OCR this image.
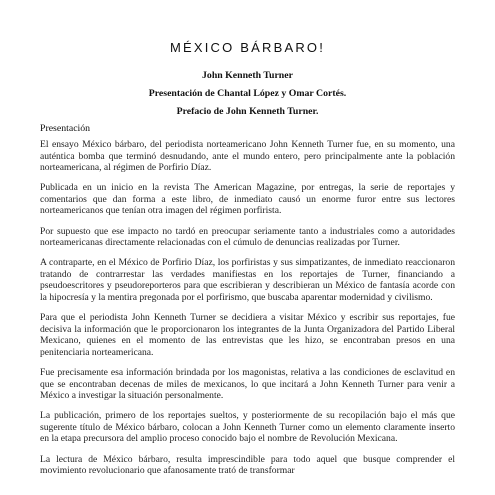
MÉXICO BÁRBARO!
John Kenneth Turner
Presentación de Chantal López y Omar Cortés.
Prefacio de John Kenneth Turner.
Presentación

El ensayo México bárbaro, del periodista norteamericano John Kenneth Turner fue, en su momento, una auténtica bomba que terminó desnudando, ante el mundo entero, pero principalmente ante la población norteamericana, al régimen de Porfirio Díaz.

Publicada en un inicio en la revista The American Magazine, por entregas, la serie de reportajes y comentarios que dan forma a este libro, de inmediato causó un enorme furor entre sus lectores norteamericanos que tenían otra imagen del régimen porfirista.

Por supuesto que ese impacto no tardó en preocupar seriamente tanto a industriales como a autoridades norteamericanas directamente relacionadas con el cúmulo de denuncias realizadas por Turner.

A contraparte, en el México de Porfirio Díaz, los porfiristas y sus simpatizantes, de inmediato reaccionaron tratando de contrarrestar las verdades manifiestas en los reportajes de Turner, financiando a pseudoescritores y pseudoreporteros para que escribieran y describieran un México de fantasía acorde con la hipocresía y la mentira pregonada por el porfirismo, que buscaba aparentar modernidad y civilismo.

Para que el periodista John Kenneth Turner se decidiera a visitar México y escribir sus reportajes, fue decisiva la información que le proporcionaron los integrantes de la Junta Organizadora del Partido Liberal Mexicano, quienes en el momento de las entrevistas que les hizo, se encontraban presos en una penitenciaria norteamericana.

Fue precisamente esa información brindada por los magonistas, relativa a las condiciones de esclavitud en que se encontraban decenas de miles de mexicanos, lo que incitará a John Kenneth Turner para venir a México a investigar la situación personalmente.

La publicación, primero de los reportajes sueltos, y posteriormente de su recopilación bajo el más que sugerente título de México bárbaro, colocan a John Kenneth Turner como un elemento claramente inserto en la etapa precursora del amplio proceso conocido bajo el nombre de Revolución Mexicana.

La lectura de México bárbaro, resulta imprescindible para todo aquel que busque comprender el movimiento revolucionario que afanosamente trató de transformar
